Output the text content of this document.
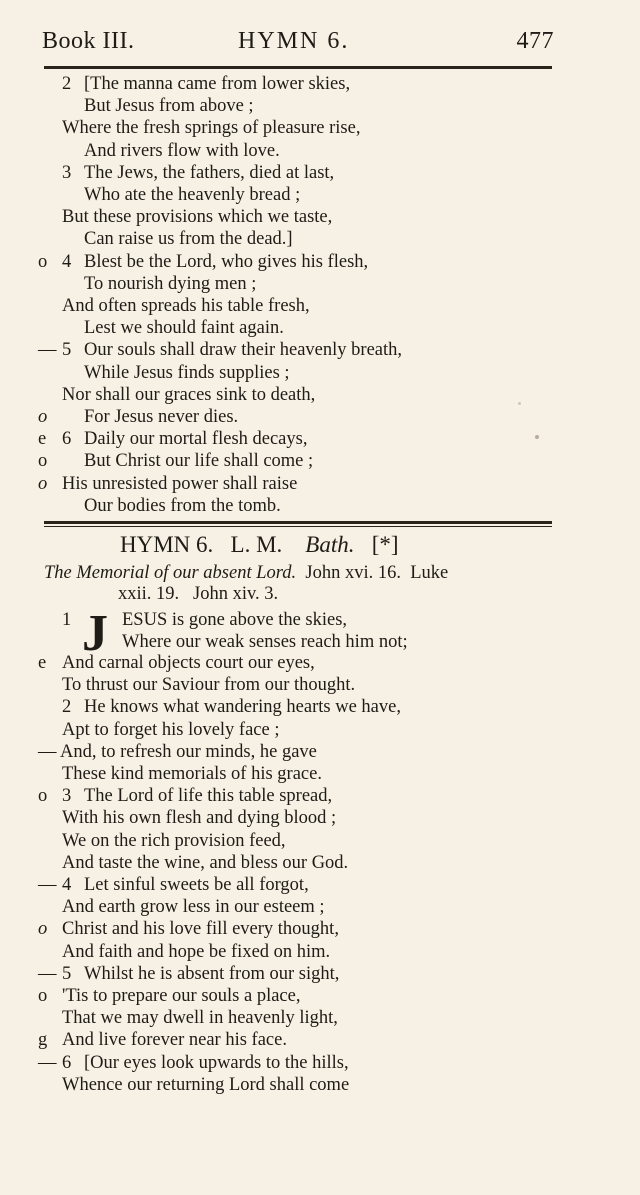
Book III.	HYMN 6.	477
2 [The manna came from lower skies,
But Jesus from above ;
Where the fresh springs of pleasure rise,
And rivers flow with love.
3 The Jews, the fathers, died at last,
Who ate the heavenly bread ;
But these provisions which we taste,
Can raise us from the dead.]
o 4 Blest be the Lord, who gives his flesh,
To nourish dying men ;
And often spreads his table fresh,
Lest we should faint again.
— 5 Our souls shall draw their heavenly breath,
While Jesus finds supplies ;
Nor shall our graces sink to death,
o	For Jesus never dies.
e 6 Daily our mortal flesh decays,
o	But Christ our life shall come ;
o His unresisted power shall raise
Our bodies from the tomb.
HYMN 6. L. M. Bath. [*]
The Memorial of our absent Lord. John xvi. 16. Luke
xxii. 19. John xiv. 3.
1	ESUS is gone above the skies,
J Where our weak senses reach him not;
e And carnal objects court our eyes,
To thrust our Saviour from our thought.
2 He knows what wandering hearts we have,
Apt to forget his lovely face ;
— And, to refresh our minds, he gave
These kind memorials of his grace.
o 3 The Lord of life this table spread,
With his own flesh and dying blood ;
We on the rich provision feed,
And taste the wine, and bless our God.
— 4 Let sinful sweets be all forgot,
And earth grow less in our esteem ;
o Christ and his love fill every thought,
And faith and hope be fixed on him.
— 5 Whilst he is absent from our sight,
o 'Tis to prepare our souls a place,
That we may dwell in heavenly light,
g And live forever near his face.
— 6 [Our eyes look upwards to the hills,
Whence our returning Lord shall come
